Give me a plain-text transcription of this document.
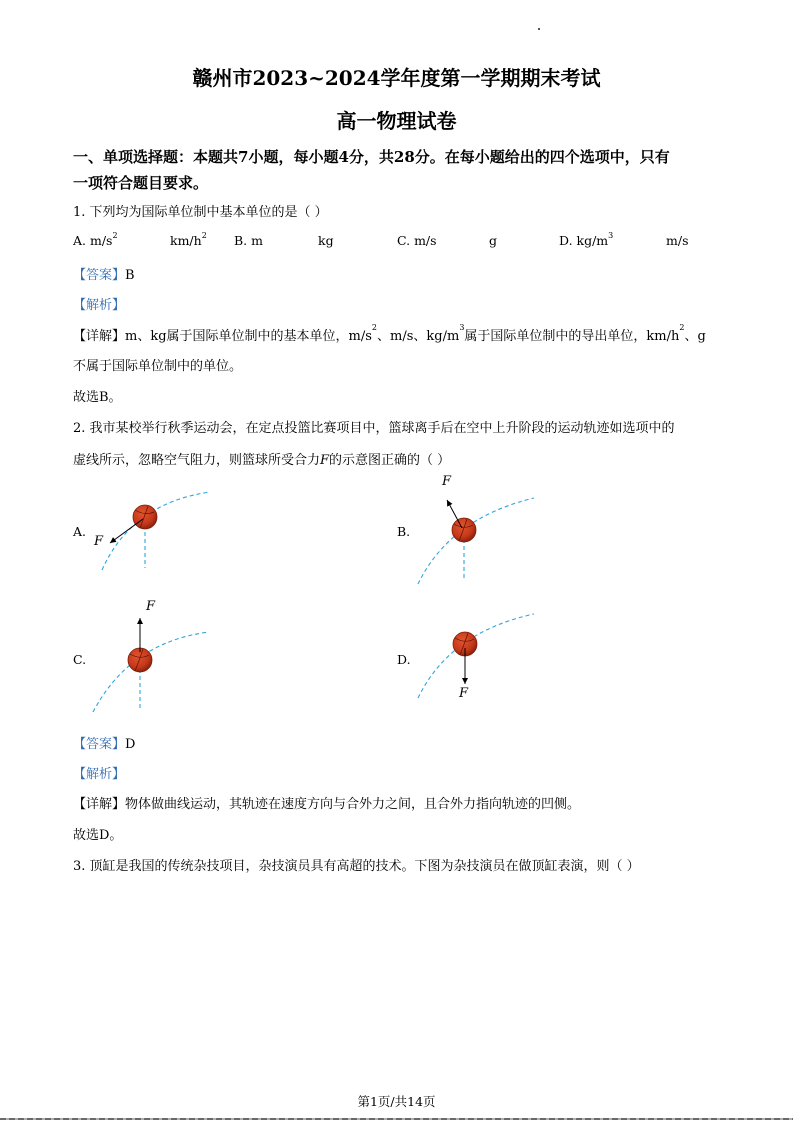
赣州市2023~2024学年度第一学期期末考试
高一物理试卷
一、单项选择题：本题共7小题，每小题4分，共28分。在每小题给出的四个选项中，只有
一项符合题目要求。
1. 下列均为国际单位制中基本单位的是（ ）
A. $m/s^2$	$km/h^2$ B. m	kg	C. m/s	g	D. $kg/m^3$	m/s
【答案】B
【解析】
【详解】m、kg属于国际单位制中的基本单位，$m/s^2$、m/s、$kg/m^3$属于国际单位制中的导出单位，$km/h^2$、g
不属于国际单位制中的单位。
故选B。
2. 我市某校举行秋季运动会，在定点投篮比赛项目中，篮球离手后在空中上升阶段的运动轨迹如选项中的
虚线所示，忽略空气阻力，则篮球所受合力F的示意图正确的（ ）
A.	B.
C.	D.
F
F
F
F
【答案】D
【解析】
【详解】物体做曲线运动，其轨迹在速度方向与合外力之间，且合外力指向轨迹的凹侧。
故选D。
3. 顶缸是我国的传统杂技项目，杂技演员具有高超的技术。下图为杂技演员在做顶缸表演，则（ ）
第1页/共14页
